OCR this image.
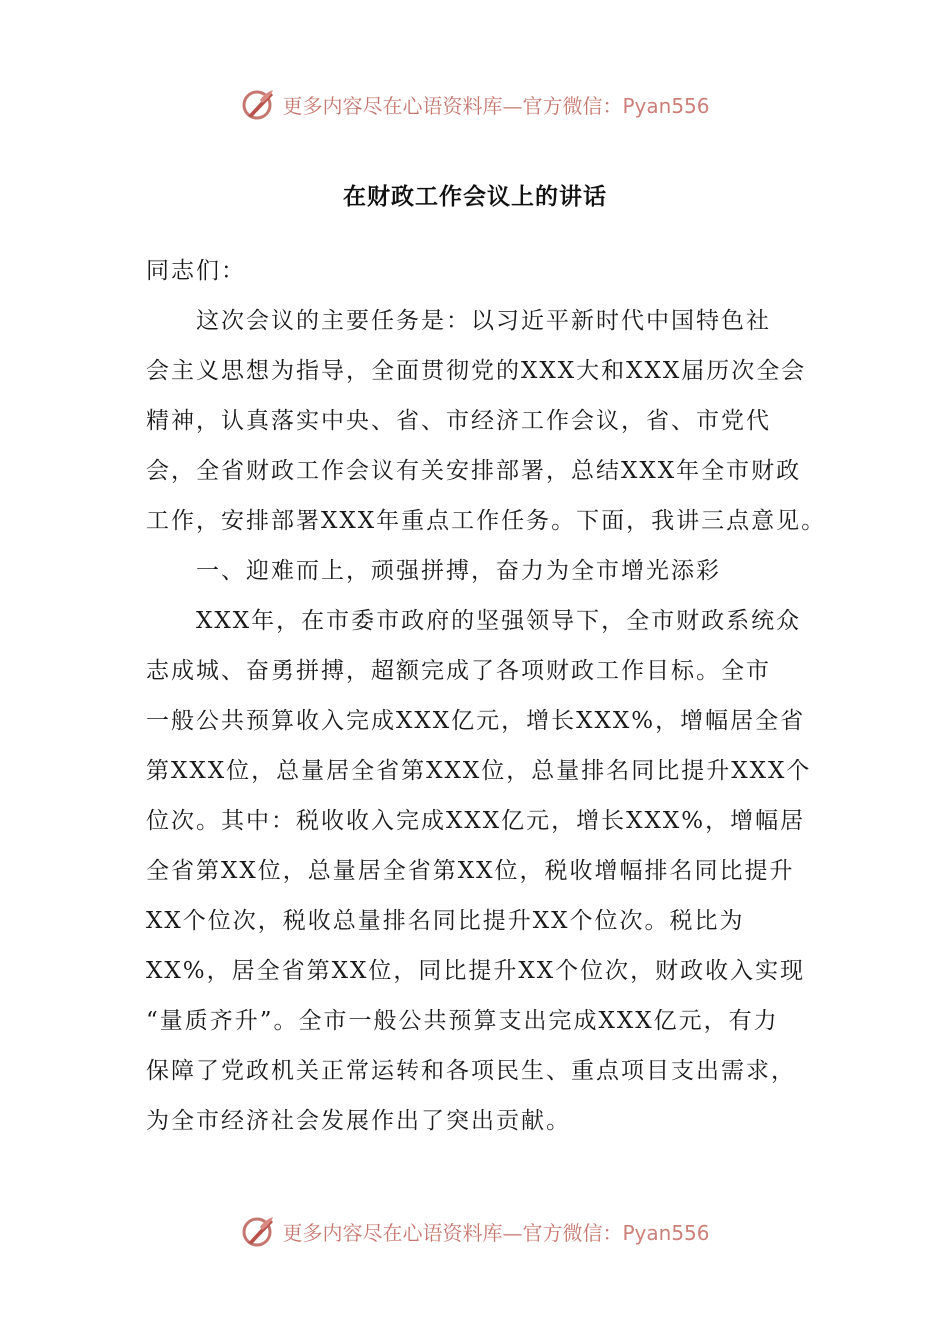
更多内容尽在心语资料库—官方微信：Pyan556
在财政工作会议上的讲话

同志们：

这次会议的主要任务是：以习近平新时代中国特色社

会主义思想为指导，全面贯彻党的XXX大和XXX届历次全会

精神，认真落实中央、省、市经济工作会议，省、市党代

会，全省财政工作会议有关安排部署，总结XXX年全市财政

工作，安排部署XXX年重点工作任务。下面，我讲三点意见。

一、迎难而上，顽强拼搏，奋力为全市增光添彩

XXX年，在市委市政府的坚强领导下，全市财政系统众

志成城、奋勇拼搏，超额完成了各项财政工作目标。全市

一般公共预算收入完成XXX亿元，增长XXX%，增幅居全省

第XXX位，总量居全省第XXX位，总量排名同比提升XXX个

位次。其中：税收收入完成XXX亿元，增长XXX%，增幅居

全省第XX位，总量居全省第XX位，税收增幅排名同比提升

XX个位次，税收总量排名同比提升XX个位次。税比为

XX%，居全省第XX位，同比提升XX个位次，财政收入实现

“量质齐升”。全市一般公共预算支出完成XXX亿元，有力

保障了党政机关正常运转和各项民生、重点项目支出需求，

为全市经济社会发展作出了突出贡献。

更多内容尽在心语资料库—官方微信：Pyan556
